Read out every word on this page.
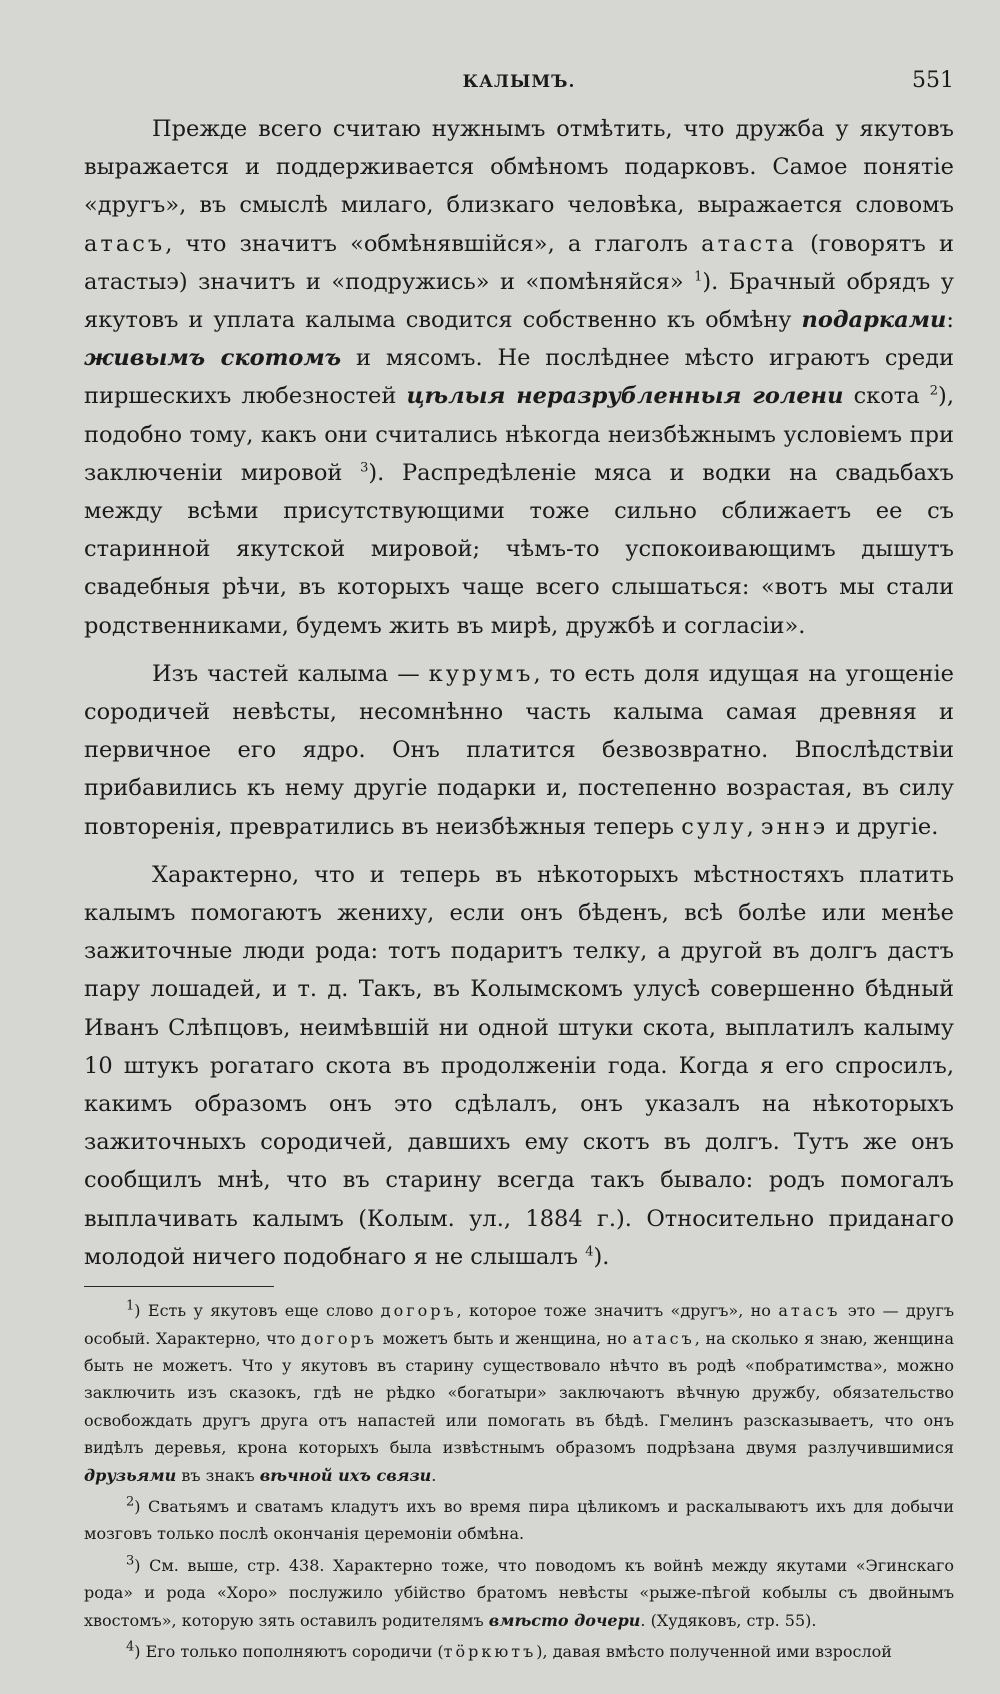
КАЛЫМЪ.	551

Прежде всего считаю нужнымъ отмѣтить, что дружба у якутовъ выражается и поддерживается обмѣномъ подарковъ. Самое понятіе «другъ», въ смыслѣ милаго, близкаго человѣка, выражается словомъ атасъ, что значитъ «обмѣнявшійся», а глаголъ атаста (говорятъ и атастыэ) значитъ и «подружись» и «помѣняйся» $^1$). Брачный обрядъ у якутовъ и уплата калыма сводится собственно къ обмѣну подарками: живымъ скотомъ и мясомъ. Не послѣднее мѣсто играютъ среди пиршескихъ любезностей цѣлыя неразрубленныя голени скота $^2$), подобно тому, какъ они считались нѣкогда неизбѣжнымъ условіемъ при заключеніи мировой $^3$). Распредѣленіе мяса и водки на свадьбахъ между всѣми присутствующими тоже сильно сближаетъ ее съ старинной якутской мировой; чѣмъ-то успокоивающимъ дышутъ свадебныя рѣчи, въ которыхъ чаще всего слышаться: «вотъ мы стали родственниками, будемъ жить въ мирѣ, дружбѣ и согласіи».

Изъ частей калыма — курумъ, то есть доля идущая на угощеніе сородичей невѣсты, несомнѣнно часть калыма самая древняя и первичное его ядро. Онъ платится безвозвратно. Впослѣдствіи прибавились къ нему другіе подарки и, постепенно возрастая, въ силу повторенія, превратились въ неизбѣжныя теперь сулу, эннэ и другіе.

Характерно, что и теперь въ нѣкоторыхъ мѣстностяхъ платить калымъ помогаютъ жениху, если онъ бѣденъ, всѣ болѣе или менѣе зажиточные люди рода: тотъ подаритъ телку, а другой въ долгъ дастъ пару лошадей, и т. д. Такъ, въ Колымскомъ улусѣ совершенно бѣдный Иванъ Слѣпцовъ, неимѣвшій ни одной штуки скота, выплатилъ калыму 10 штукъ рогатаго скота въ продолженіи года. Когда я его спросилъ, какимъ образомъ онъ это сдѣлалъ, онъ указалъ на нѣкоторыхъ зажиточныхъ сородичей, давшихъ ему скотъ въ долгъ. Тутъ же онъ сообщилъ мнѣ, что въ старину всегда такъ бывало: родъ помогалъ выплачивать калымъ (Колым. ул., 1884 г.). Относительно приданаго молодой ничего подобнаго я не слышалъ $^4$).

$^1$) Есть у якутовъ еще слово догоръ, которое тоже значитъ «другъ», но атасъ это — другъ особый. Характерно, что догоръ можетъ быть и женщина, но атасъ, на сколько я знаю, женщина быть не можетъ. Что у якутовъ въ старину существовало нѣчто въ родѣ «побратимства», можно заключить изъ сказокъ, гдѣ не рѣдко «богатыри» заключаютъ вѣчную дружбу, обязательство освобождать другъ друга отъ напастей или помогать въ бѣдѣ. Гмелинъ разсказываетъ, что онъ видѣлъ деревья, крона которыхъ была извѣстнымъ образомъ подрѣзана двумя разлучившимися друзьями въ знакъ вѣчной ихъ связи.

$^2$) Сватьямъ и сватамъ кладутъ ихъ во время пира цѣликомъ и раскалываютъ ихъ для добычи мозговъ только послѣ окончанія церемоніи обмѣна.

$^3$) См. выше, стр. 438. Характерно тоже, что поводомъ къ войнѣ между якутами «Эгинскаго рода» и рода «Хоро» послужило убійство братомъ невѣсты «рыже-пѣгой кобылы съ двойнымъ хвостомъ», которую зять оставилъ родителямъ вмѣсто дочери. (Худяковъ, стр. 55).

$^4$) Его только пополняютъ сородичи (тöркютъ), давая вмѣсто полученной ими взрослой
